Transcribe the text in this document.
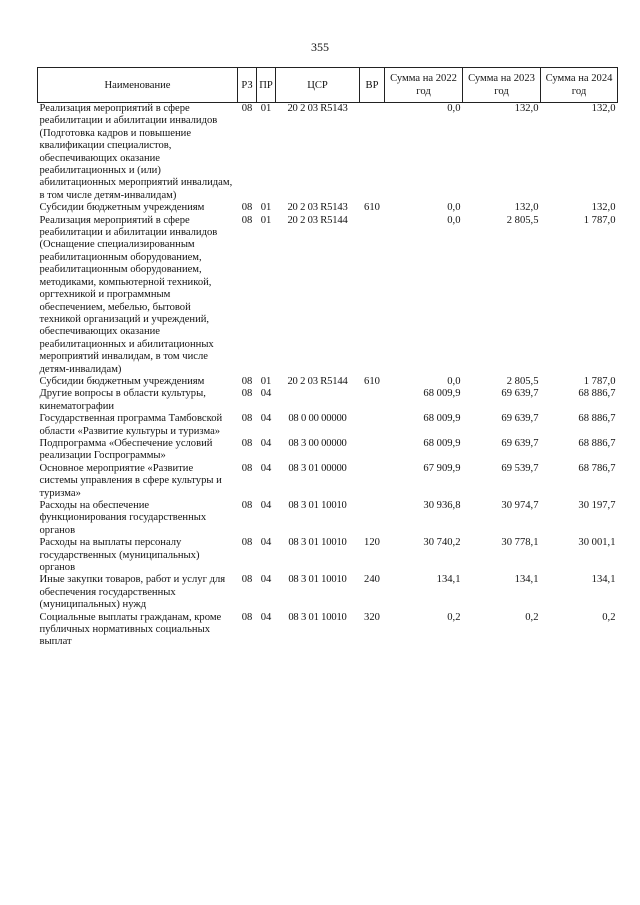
355
Наименование	РЗ	ПР	ЦСР	ВР	Сумма на 2022 год	Сумма на 2023 год	Сумма на 2024 год
Реализация мероприятий в сфере реабилитации и абилитации инвалидов (Подготовка кадров и повышение квалификации специалистов, обеспечивающих оказание реабилитационных и (или) абилитационных мероприятий инвалидам, в том числе детям-инвалидам)	08	01	20 2 03 R5143		0,0	132,0	132,0
Субсидии бюджетным учреждениям	08	01	20 2 03 R5143	610	0,0	132,0	132,0
Реализация мероприятий в сфере реабилитации и абилитации инвалидов (Оснащение специализированным реабилитационным оборудованием, реабилитационным оборудованием, методиками, компьютерной техникой, оргтехникой и программным обеспечением, мебелью, бытовой техникой организаций и учреждений, обеспечивающих оказание реабилитационных и абилитационных мероприятий инвалидам, в том числе детям-инвалидам)	08	01	20 2 03 R5144		0,0	2 805,5	1 787,0
Субсидии бюджетным учреждениям	08	01	20 2 03 R5144	610	0,0	2 805,5	1 787,0
Другие вопросы в области культуры, кинематографии	08	04			68 009,9	69 639,7	68 886,7
Государственная программа Тамбовской области «Развитие культуры и туризма»	08	04	08 0 00 00000		68 009,9	69 639,7	68 886,7
Подпрограмма «Обеспечение условий реализации Госпрограммы»	08	04	08 3 00 00000		68 009,9	69 639,7	68 886,7
Основное мероприятие «Развитие системы управления в сфере культуры и туризма»	08	04	08 3 01 00000		67 909,9	69 539,7	68 786,7
Расходы на обеспечение функционирования государственных органов	08	04	08 3 01 10010		30 936,8	30 974,7	30 197,7
Расходы на выплаты персоналу государственных (муниципальных) органов	08	04	08 3 01 10010	120	30 740,2	30 778,1	30 001,1
Иные закупки товаров, работ и услуг для обеспечения государственных (муниципальных) нужд	08	04	08 3 01 10010	240	134,1	134,1	134,1
Социальные выплаты гражданам, кроме публичных нормативных социальных выплат	08	04	08 3 01 10010	320	0,2	0,2	0,2
